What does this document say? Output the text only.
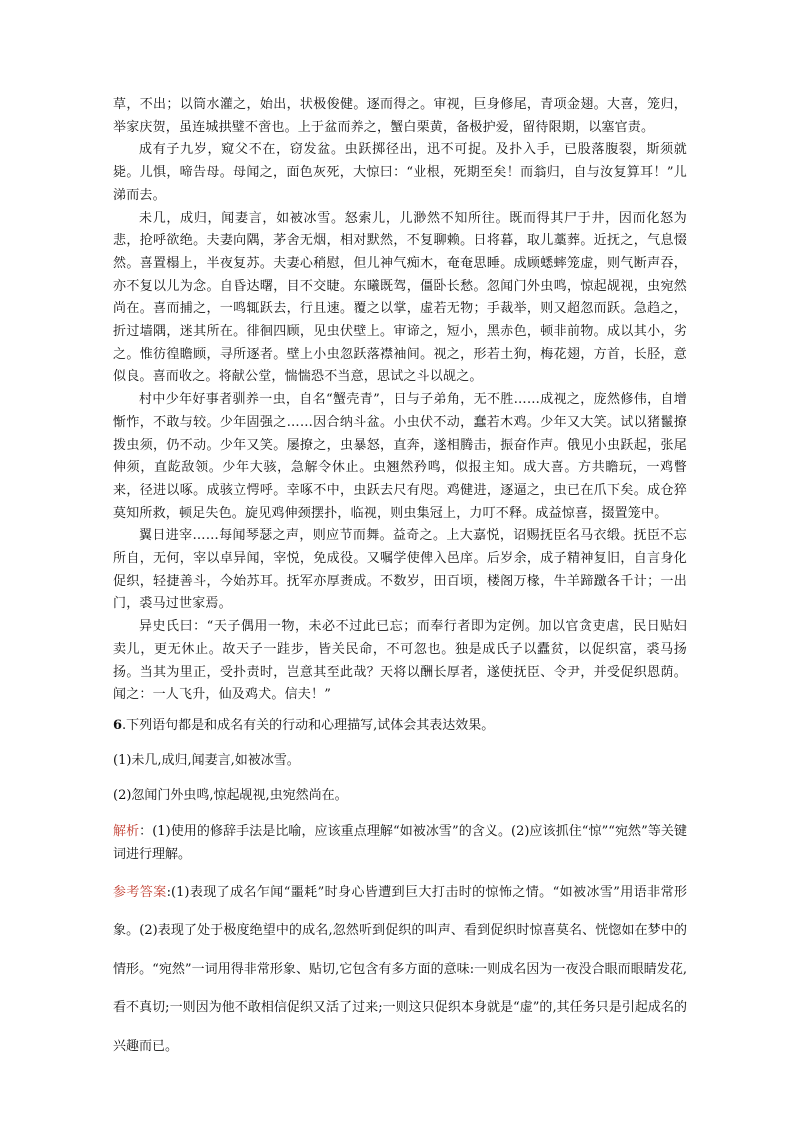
草，不出；以筒水灌之，始出，状极俊健。逐而得之。审视，巨身修尾，青项金翅。大喜，笼归，举家庆贺，虽连城拱璧不啻也。上于盆而养之，蟹白栗黄，备极护爱，留待限期，以塞官责。

成有子九岁，窥父不在，窃发盆。虫跃掷径出，迅不可捉。及扑入手，已股落腹裂，斯须就毙。儿惧，啼告母。母闻之，面色灰死，大惊曰：“业根，死期至矣！而翁归，自与汝复算耳！”儿涕而去。

未几，成归，闻妻言，如被冰雪。怒索儿，儿渺然不知所往。既而得其尸于井，因而化怒为悲，抢呼欲绝。夫妻向隅，茅舍无烟，相对默然，不复聊赖。日将暮，取儿藁葬。近抚之，气息惙然。喜置榻上，半夜复苏。夫妻心稍慰，但儿神气痴木，奄奄思睡。成顾蟋蟀笼虚，则气断声吞，亦不复以儿为念。自昏达曙，目不交睫。东曦既驾，僵卧长愁。忽闻门外虫鸣，惊起觇视，虫宛然尚在。喜而捕之，一鸣辄跃去，行且速。覆之以掌，虚若无物；手裁举，则又超忽而跃。急趋之，折过墙隅，迷其所在。徘徊四顾，见虫伏壁上。审谛之，短小，黑赤色，顿非前物。成以其小，劣之。惟彷徨瞻顾，寻所逐者。壁上小虫忽跃落襟袖间。视之，形若土狗，梅花翅，方首，长胫，意似良。喜而收之。将献公堂，惴惴恐不当意，思试之斗以觇之。

村中少年好事者驯养一虫，自名“蟹壳青”，日与子弟角，无不胜……成视之，庞然修伟，自增惭怍，不敢与较。少年固强之……因合纳斗盆。小虫伏不动，蠢若木鸡。少年又大笑。试以猪鬣撩拨虫须，仍不动。少年又笑。屡撩之，虫暴怒，直奔，遂相腾击，振奋作声。俄见小虫跃起，张尾伸须，直龁敌领。少年大骇，急解令休止。虫翘然矜鸣，似报主知。成大喜。方共瞻玩，一鸡瞥来，径进以啄。成骇立愕呼。幸啄不中，虫跃去尺有咫。鸡健进，逐逼之，虫已在爪下矣。成仓猝莫知所救，顿足失色。旋见鸡伸颈摆扑，临视，则虫集冠上，力叮不释。成益惊喜，掇置笼中。

翼日进宰……每闻琴瑟之声，则应节而舞。益奇之。上大嘉悦，诏赐抚臣名马衣缎。抚臣不忘所自，无何，宰以卓异闻，宰悦，免成役。又嘱学使俾入邑庠。后岁余，成子精神复旧，自言身化促织，轻捷善斗，今始苏耳。抚军亦厚赉成。不数岁，田百顷，楼阁万椽，牛羊蹄躈各千计；一出门，裘马过世家焉。

异史氏曰：“天子偶用一物，未必不过此已忘；而奉行者即为定例。加以官贪吏虐，民日贴妇卖儿，更无休止。故天子一跬步，皆关民命，不可忽也。独是成氏子以蠹贫，以促织富，裘马扬扬。当其为里正，受扑责时，岂意其至此哉？天将以酬长厚者，遂使抚臣、令尹，并受促织恩荫。闻之：一人飞升，仙及鸡犬。信夫！”

6.下列语句都是和成名有关的行动和心理描写,试体会其表达效果。

(1)未几,成归,闻妻言,如被冰雪。

(2)忽闻门外虫鸣,惊起觇视,虫宛然尚在。

解析：(1)使用的修辞手法是比喻，应该重点理解“如被冰雪”的含义。(2)应该抓住“惊”“宛然”等关键词进行理解。

参考答案:(1)表现了成名乍闻“噩耗”时身心皆遭到巨大打击时的惊怖之情。“如被冰雪”用语非常形象。(2)表现了处于极度绝望中的成名,忽然听到促织的叫声、看到促织时惊喜莫名、恍惚如在梦中的情形。“宛然”一词用得非常形象、贴切,它包含有多方面的意味:一则成名因为一夜没合眼而眼睛发花,看不真切;一则因为他不敢相信促织又活了过来;一则这只促织本身就是“虚”的,其任务只是引起成名的兴趣而已。
